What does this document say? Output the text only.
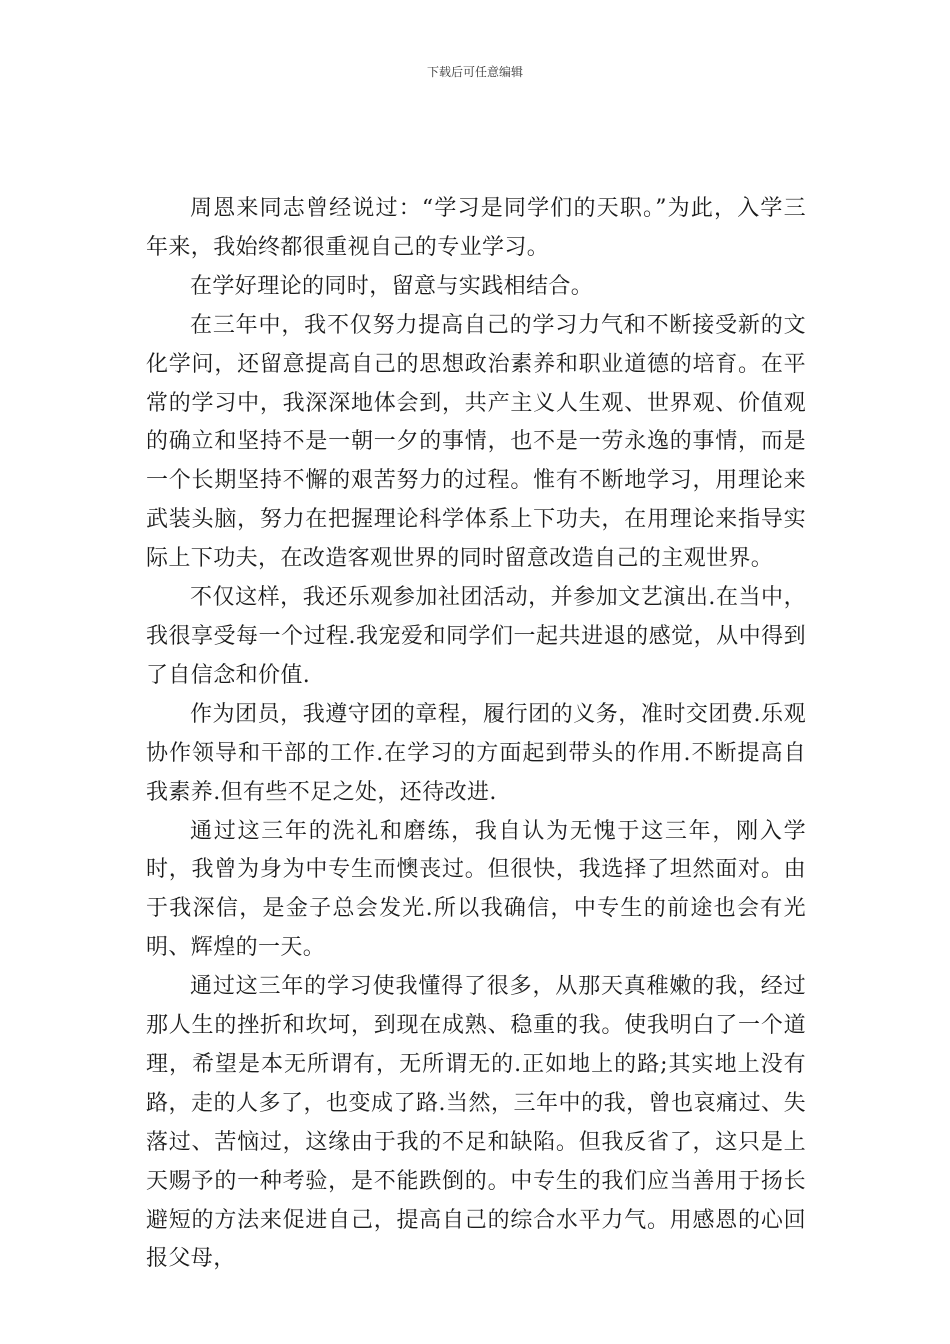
下载后可任意编辑

周恩来同志曾经说过：“学习是同学们的天职。”为此，入学三年来，我始终都很重视自己的专业学习。

在学好理论的同时，留意与实践相结合。

在三年中，我不仅努力提高自己的学习力气和不断接受新的文化学问，还留意提高自己的思想政治素养和职业道德的培育。在平常的学习中，我深深地体会到，共产主义人生观、世界观、价值观的确立和坚持不是一朝一夕的事情，也不是一劳永逸的事情，而是一个长期坚持不懈的艰苦努力的过程。惟有不断地学习，用理论来武装头脑，努力在把握理论科学体系上下功夫，在用理论来指导实际上下功夫，在改造客观世界的同时留意改造自己的主观世界。

不仅这样，我还乐观参加社团活动，并参加文艺演出.在当中，我很享受每一个过程.我宠爱和同学们一起共进退的感觉，从中得到了自信念和价值.

作为团员，我遵守团的章程，履行团的义务，准时交团费.乐观协作领导和干部的工作.在学习的方面起到带头的作用.不断提高自我素养.但有些不足之处，还待改进.

通过这三年的洗礼和磨练，我自认为无愧于这三年，刚入学时，我曾为身为中专生而懊丧过。但很快，我选择了坦然面对。由于我深信，是金子总会发光.所以我确信，中专生的前途也会有光明、辉煌的一天。

通过这三年的学习使我懂得了很多，从那天真稚嫩的我，经过那人生的挫折和坎坷，到现在成熟、稳重的我。使我明白了一个道理，希望是本无所谓有，无所谓无的.正如地上的路;其实地上没有路，走的人多了，也变成了路.当然，三年中的我，曾也哀痛过、失落过、苦恼过，这缘由于我的不足和缺陷。但我反省了，这只是上天赐予的一种考验，是不能跌倒的。中专生的我们应当善用于扬长避短的方法来促进自己，提高自己的综合水平力气。用感恩的心回报父母，
